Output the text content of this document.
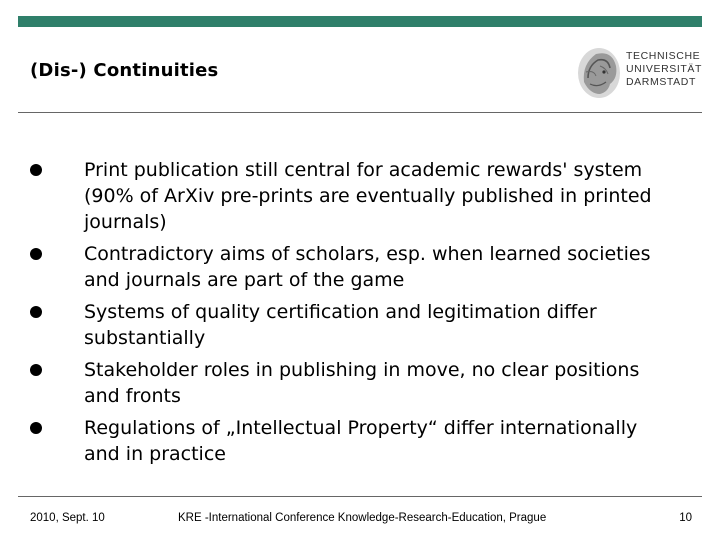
(Dis-) Continuities
TECHNISCHE
UNIVERSITÄT
DARMSTADT
Print publication still central for academic rewards' system (90% of ArXiv pre-prints are eventually published in printed journals)
Contradictory aims of scholars, esp. when learned societies and journals are part of the game
Systems of quality certification and legitimation differ substantially
Stakeholder roles in publishing in move, no clear positions and fronts
Regulations of „Intellectual Property“ differ internationally and in practice
2010, Sept. 10	KRE -International Conference Knowledge-Research-Education, Prague	10
